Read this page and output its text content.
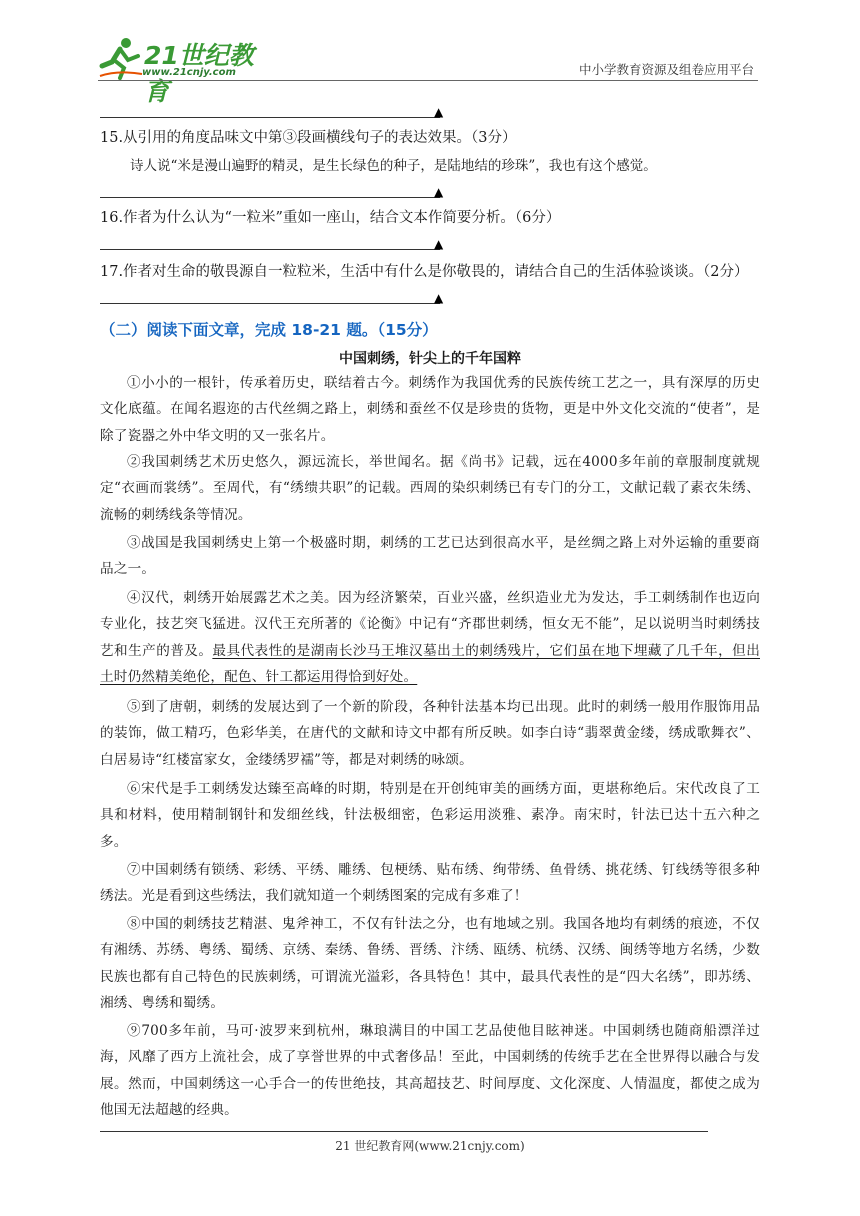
21世纪教育
www.21cnjy.com	中小学教育资源及组卷应用平台
▲
15.从引用的角度品味文中第③段画横线句子的表达效果。（3分）
诗人说“米是漫山遍野的精灵，是生长绿色的种子，是陆地结的珍珠”，我也有这个感觉。
▲
16.作者为什么认为“一粒米”重如一座山，结合文本作简要分析。（6分）
▲
17.作者对生命的敬畏源自一粒粒米，生活中有什么是你敬畏的，请结合自己的生活体验谈谈。（2分）
▲
（二）阅读下面文章，完成 18-21 题。（15分）
中国刺绣，针尖上的千年国粹
①小小的一根针，传承着历史，联结着古今。刺绣作为我国优秀的民族传统工艺之一，具有深厚的历史文化底蕴。在闻名遐迩的古代丝绸之路上，刺绣和蚕丝不仅是珍贵的货物，更是中外文化交流的“使者”，是除了瓷器之外中华文明的又一张名片。
②我国刺绣艺术历史悠久，源远流长，举世闻名。据《尚书》记载，远在4000多年前的章服制度就规定“衣画而裳绣”。至周代，有“绣缋共职”的记载。西周的染织刺绣已有专门的分工，文献记载了素衣朱绣、流畅的刺绣线条等情况。
③战国是我国刺绣史上第一个极盛时期，刺绣的工艺已达到很高水平，是丝绸之路上对外运输的重要商品之一。
④汉代，刺绣开始展露艺术之美。因为经济繁荣，百业兴盛，丝织造业尤为发达，手工刺绣制作也迈向专业化，技艺突飞猛进。汉代王充所著的《论衡》中记有“齐郡世刺绣，恒女无不能”，足以说明当时刺绣技艺和生产的普及。最具代表性的是湖南长沙马王堆汉墓出土的刺绣残片，它们虽在地下埋藏了几千年，但出土时仍然精美绝伦，配色、针工都运用得恰到好处。
⑤到了唐朝，刺绣的发展达到了一个新的阶段，各种针法基本均已出现。此时的刺绣一般用作服饰用品的装饰，做工精巧，色彩华美，在唐代的文献和诗文中都有所反映。如李白诗“翡翠黄金缕，绣成歌舞衣”、白居易诗“红楼富家女，金缕绣罗襦”等，都是对刺绣的咏颂。
⑥宋代是手工刺绣发达臻至高峰的时期，特别是在开创纯审美的画绣方面，更堪称绝后。宋代改良了工具和材料，使用精制钢针和发细丝线，针法极细密，色彩运用淡雅、素净。南宋时，针法已达十五六种之多。
⑦中国刺绣有锁绣、彩绣、平绣、雕绣、包梗绣、贴布绣、绚带绣、鱼骨绣、挑花绣、钉线绣等很多种绣法。光是看到这些绣法，我们就知道一个刺绣图案的完成有多难了！
⑧中国的刺绣技艺精湛、鬼斧神工，不仅有针法之分，也有地域之别。我国各地均有刺绣的痕迹，不仅有湘绣、苏绣、粤绣、蜀绣、京绣、秦绣、鲁绣、晋绣、汴绣、瓯绣、杭绣、汉绣、闽绣等地方名绣，少数民族也都有自己特色的民族刺绣，可谓流光溢彩，各具特色！其中，最具代表性的是“四大名绣”，即苏绣、湘绣、粤绣和蜀绣。
⑨700多年前，马可·波罗来到杭州，琳琅满目的中国工艺品使他目眩神迷。中国刺绣也随商船漂洋过海，风靡了西方上流社会，成了享誉世界的中式奢侈品！至此，中国刺绣的传统手艺在全世界得以融合与发展。然而，中国刺绣这一心手合一的传世绝技，其高超技艺、时间厚度、文化深度、人情温度，都使之成为他国无法超越的经典。
21 世纪教育网(www.21cnjy.com)
